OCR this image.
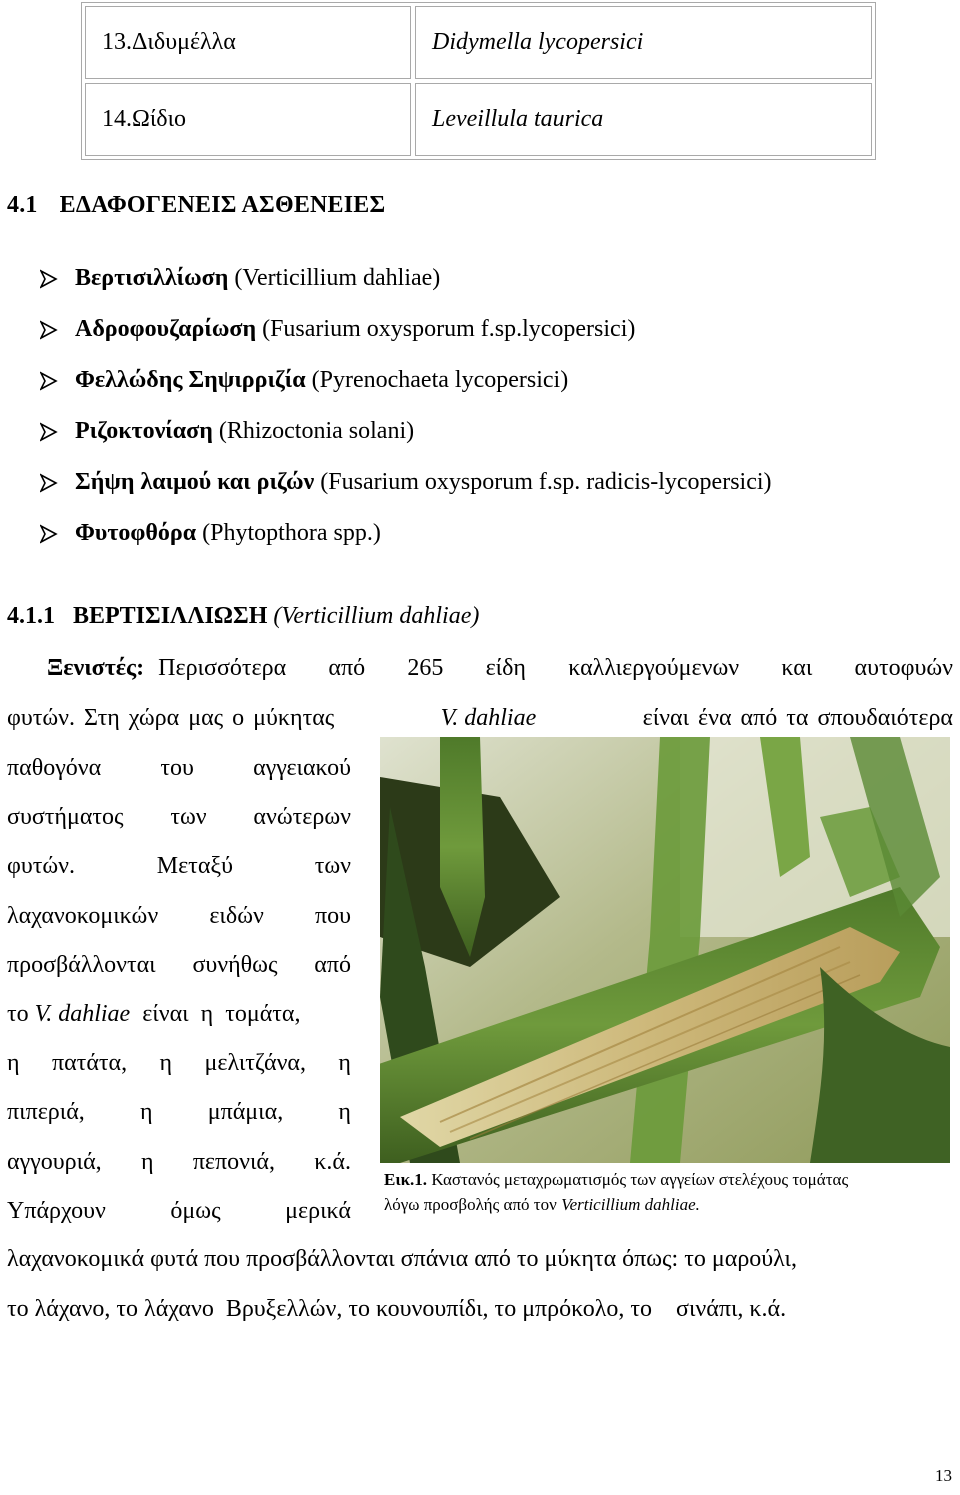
13.Διδυμέλλα	Didymella lycopersici
14.Ωίδιο	Leveillula taurica
4.1 ΕΔΑΦΟΓΕΝΕΙΣ ΑΣΘΕΝΕΙΕΣ
Βερτισιλλίωση (Verticillium dahliae)
Αδροφουζαρίωση (Fusarium oxysporum f.sp.lycopersici)
Φελλώδης Σηψιρριζία (Pyrenochaeta lycopersici)
Ριζοκτονίαση (Rhizoctonia solani)
Σήψη λαιμού και ριζών (Fusarium oxysporum f.sp. radicis-lycopersici)
Φυτοφθόρα (Phytopthora spp.)
4.1.1 ΒΕΡΤΙΣΙΛΛΙΩΣΗ (Verticillium dahliae)
Ξενιστές: Περισσότερα από 265 είδη καλλιεργούμενων και αυτοφυών
φυτών. Στη χώρα μας ο μύκητας	V. dahliae	είναι ένα από τα σπουδαιότερα
παθογόνα του αγγειακού
συστήματος των ανώτερων
φυτών.	Μεταξύ	των
λαχανοκομικών ειδών που
προσβάλλονται συνήθως από
το V. dahliae είναι η τομάτα,
η πατάτα, η μελιτζάνα, η
πιπεριά, η μπάμια, η
αγγουριά, η πεπονιά, κ.ά.
Υπάρχουν	όμως	μερικά
Εικ.1. Καστανός μεταχρωματισμός των αγγείων στελέχους τομάτας
λόγω προσβολής από τον Verticillium dahliae.
λαχανοκομικά φυτά που προσβάλλονται σπάνια από το μύκητα όπως: το μαρούλι,
το λάχανο, το λάχανο  Βρυξελλών, το κουνουπίδι, το μπρόκολο, το    σινάπι, κ.ά.
13
